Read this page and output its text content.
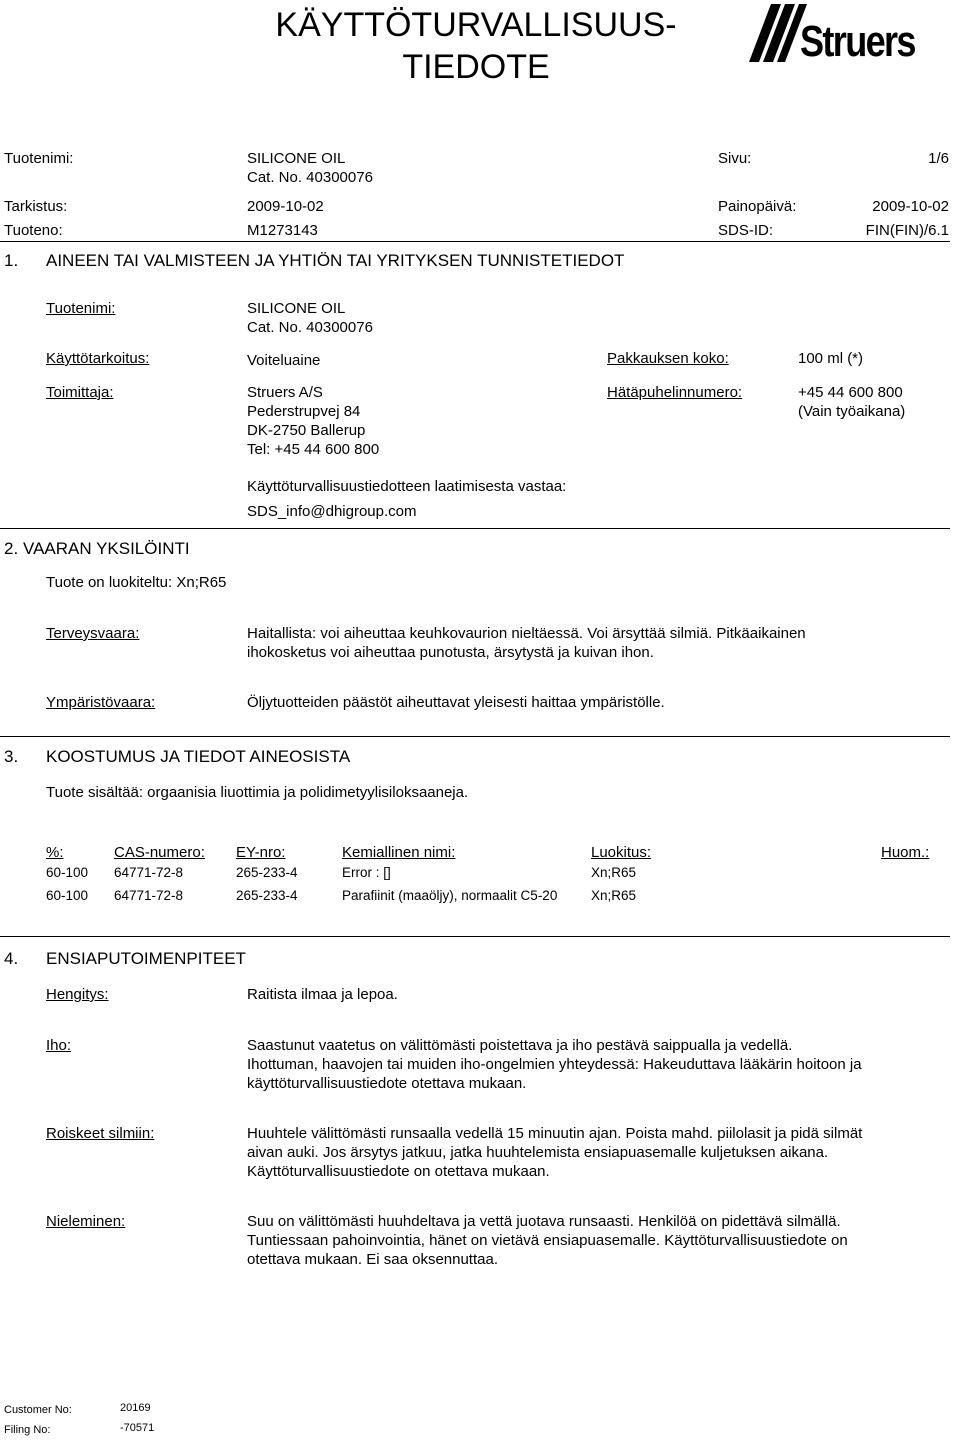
KÄYTTÖTURVALLISUUS-
TIEDOTE
Struers
Tuotenimi:	SILICONE OIL
Cat. No. 40300076
Sivu:	1/6
Tarkistus:	2009-10-02	Painopäivä:	2009-10-02
Tuoteno:	M1273143	SDS-ID:	FIN(FIN)/6.1
1. AINEEN TAI VALMISTEEN JA YHTIÖN TAI YRITYKSEN TUNNISTETIEDOT
Tuotenimi:	SILICONE OIL
Cat. No. 40300076
Käyttötarkoitus:	Voiteluaine	Pakkauksen koko:	100 ml (*)
Toimittaja:	Struers A/S
Pederstrupvej 84
DK-2750 Ballerup
Tel: +45 44 600 800
Hätäpuhelinnumero:	+45 44 600 800
(Vain työaikana)
Käyttöturvallisuustiedotteen laatimisesta vastaa:
SDS_info@dhigroup.com
2. VAARAN YKSILÖINTI
Tuote on luokiteltu: Xn;R65
Terveysvaara:	Haitallista: voi aiheuttaa keuhkovaurion nieltäessä. Voi ärsyttää silmiä. Pitkäaikainen
ihokosketus voi aiheuttaa punotusta, ärsytystä ja kuivan ihon.
Ympäristövaara:	Öljytuotteiden päästöt aiheuttavat yleisesti haittaa ympäristölle.
3. KOOSTUMUS JA TIEDOT AINEOSISTA
Tuote sisältää: orgaanisia liuottimia ja polidimetyylisiloksaaneja.
%:	CAS-numero: EY-nro:	Kemiallinen nimi:	Luokitus:	Huom.:
60-100 64771-72-8	265-233-4	Error : []	Xn;R65
60-100 64771-72-8	265-233-4	Parafiinit (maaöljy), normaalit C5-20 Xn;R65
4. ENSIAPUTOIMENPITEET
Hengitys:	Raitista ilmaa ja lepoa.
Iho:	Saastunut vaatetus on välittömästi poistettava ja iho pestävä saippualla ja vedellä.
Ihottuman, haavojen tai muiden iho-ongelmien yhteydessä: Hakeuduttava lääkärin hoitoon ja
käyttöturvallisuustiedote otettava mukaan.
Roiskeet silmiin:	Huuhtele välittömästi runsaalla vedellä 15 minuutin ajan. Poista mahd. piilolasit ja pidä silmät
aivan auki. Jos ärsytys jatkuu, jatka huuhtelemista ensiapuasemalle kuljetuksen aikana.
Käyttöturvallisuustiedote on otettava mukaan.
Nieleminen:	Suu on välittömästi huuhdeltava ja vettä juotava runsaasti. Henkilöä on pidettävä silmällä.
Tuntiessaan pahoinvointia, hänet on vietävä ensiapuasemalle. Käyttöturvallisuustiedote on
otettava mukaan. Ei saa oksennuttaa.
Customer No:	20169
Filing No:	-70571
